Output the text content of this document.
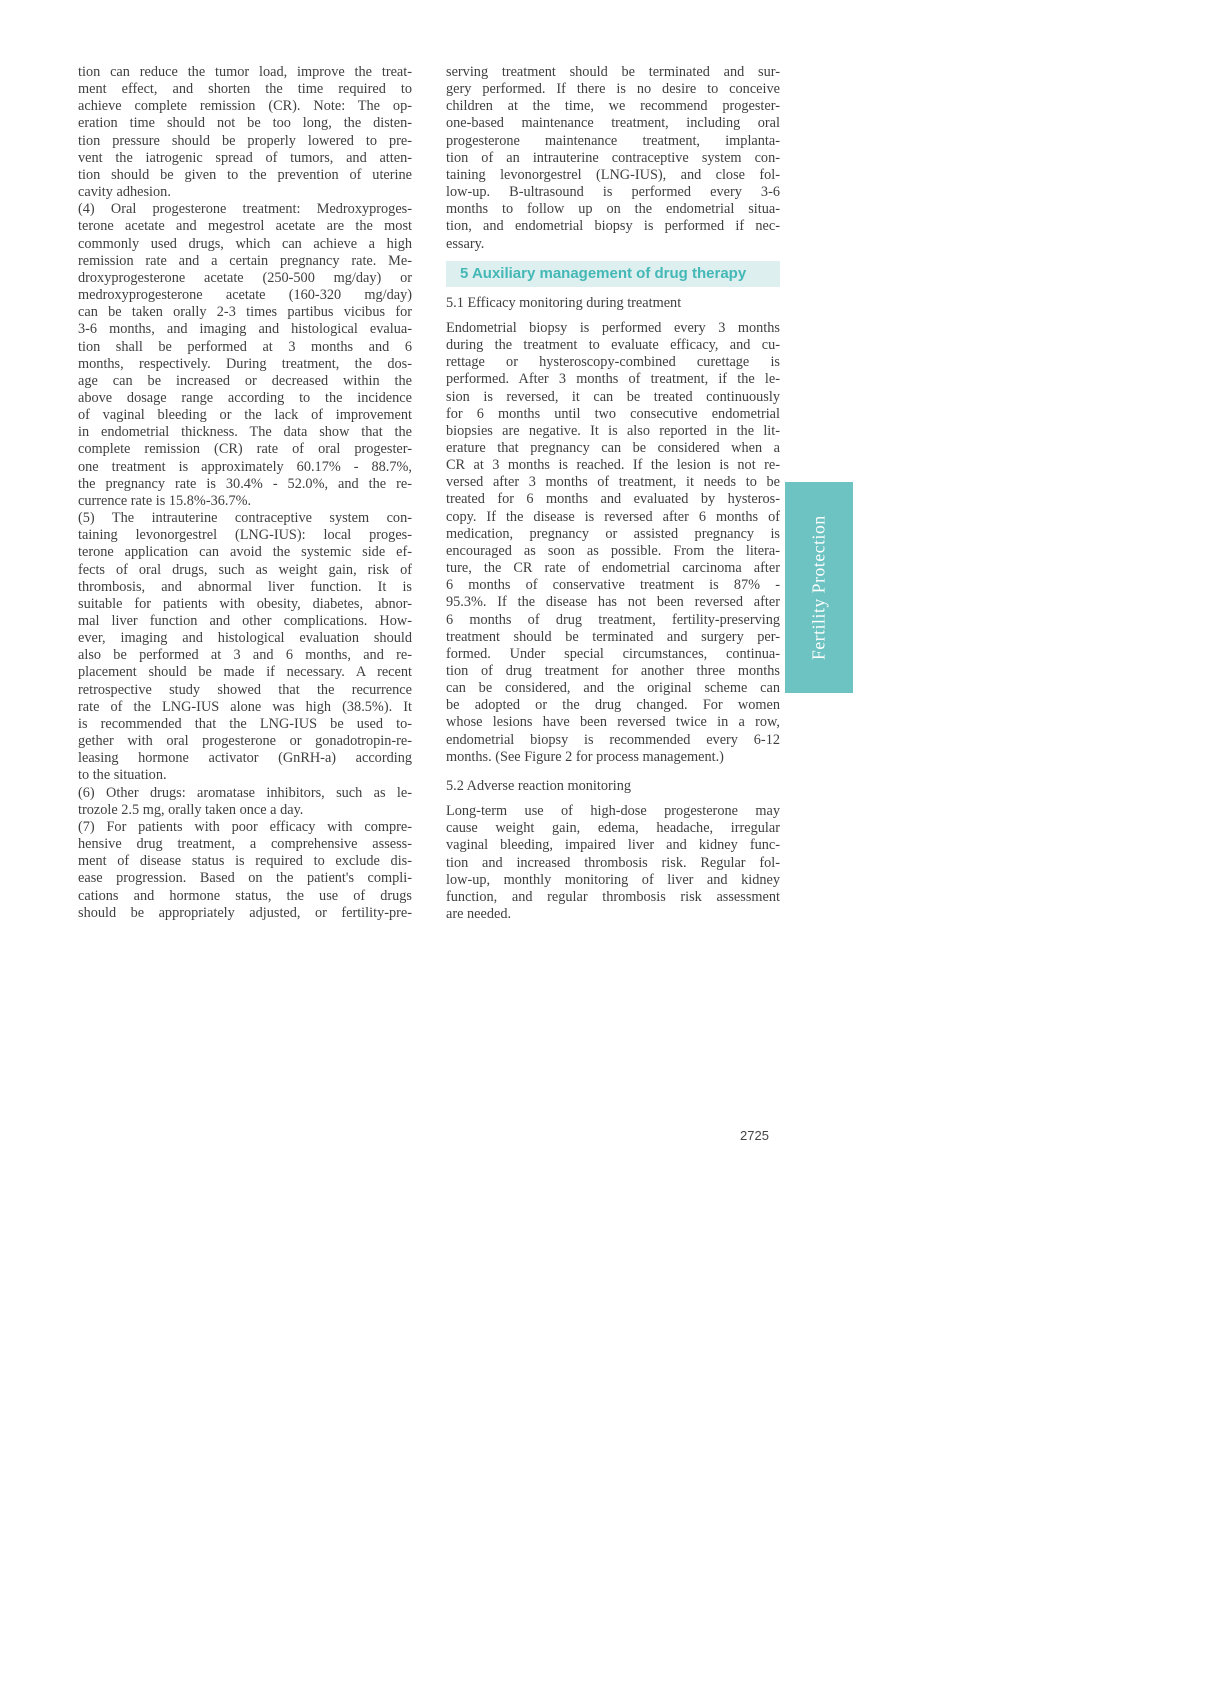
tion can reduce the tumor load, improve the treat-
ment effect, and shorten the time required to
achieve complete remission (CR). Note: The op-
eration time should not be too long, the disten-
tion pressure should be properly lowered to pre-
vent the iatrogenic spread of tumors, and atten-
tion should be given to the prevention of uterine
cavity adhesion.
(4) Oral progesterone treatment: Medroxyproges-
terone acetate and megestrol acetate are the most
commonly used drugs, which can achieve a high
remission rate and a certain pregnancy rate. Me-
droxyprogesterone acetate (250-500 mg/day) or
medroxyprogesterone acetate (160-320 mg/day)
can be taken orally 2-3 times partibus vicibus for
3-6 months, and imaging and histological evalua-
tion shall be performed at 3 months and 6
months, respectively. During treatment, the dos-
age can be increased or decreased within the
above dosage range according to the incidence
of vaginal bleeding or the lack of improvement
in endometrial thickness. The data show that the
complete remission (CR) rate of oral progester-
one treatment is approximately 60.17% - 88.7%,
the pregnancy rate is 30.4% - 52.0%, and the re-
currence rate is 15.8%-36.7%.
(5) The intrauterine contraceptive system con-
taining levonorgestrel (LNG-IUS): local proges-
terone application can avoid the systemic side ef-
fects of oral drugs, such as weight gain, risk of
thrombosis, and abnormal liver function. It is
suitable for patients with obesity, diabetes, abnor-
mal liver function and other complications. How-
ever, imaging and histological evaluation should
also be performed at 3 and 6 months, and re-
placement should be made if necessary. A recent
retrospective study showed that the recurrence
rate of the LNG-IUS alone was high (38.5%). It
is recommended that the LNG-IUS be used to-
gether with oral progesterone or gonadotropin-re-
leasing hormone activator (GnRH-a) according
to the situation.
(6) Other drugs: aromatase inhibitors, such as le-
trozole 2.5 mg, orally taken once a day.
(7) For patients with poor efficacy with compre-
hensive drug treatment, a comprehensive assess-
ment of disease status is required to exclude dis-
ease progression. Based on the patient's compli-
cations and hormone status, the use of drugs
should be appropriately adjusted, or fertility-pre-
serving treatment should be terminated and sur-
gery performed. If there is no desire to conceive
children at the time, we recommend progester-
one-based maintenance treatment, including oral
progesterone maintenance treatment, implanta-
tion of an intrauterine contraceptive system con-
taining levonorgestrel (LNG-IUS), and close fol-
low-up. B-ultrasound is performed every 3-6
months to follow up on the endometrial situa-
tion, and endometrial biopsy is performed if nec-
essary.
5 Auxiliary management of drug therapy
5.1 Efficacy monitoring during treatment
Endometrial biopsy is performed every 3 months
during the treatment to evaluate efficacy, and cu-
rettage or hysteroscopy-combined curettage is
performed. After 3 months of treatment, if the le-
sion is reversed, it can be treated continuously
for 6 months until two consecutive endometrial
biopsies are negative. It is also reported in the lit-
erature that pregnancy can be considered when a
CR at 3 months is reached. If the lesion is not re-
versed after 3 months of treatment, it needs to be
treated for 6 months and evaluated by hysteros-
copy. If the disease is reversed after 6 months of
medication, pregnancy or assisted pregnancy is
encouraged as soon as possible. From the litera-
ture, the CR rate of endometrial carcinoma after
6 months of conservative treatment is 87% -
95.3%. If the disease has not been reversed after
6 months of drug treatment, fertility-preserving
treatment should be terminated and surgery per-
formed. Under special circumstances, continua-
tion of drug treatment for another three months
can be considered, and the original scheme can
be adopted or the drug changed. For women
whose lesions have been reversed twice in a row,
endometrial biopsy is recommended every 6-12
months. (See Figure 2 for process management.)
5.2 Adverse reaction monitoring
Long-term use of high-dose progesterone may
cause weight gain, edema, headache, irregular
vaginal bleeding, impaired liver and kidney func-
tion and increased thrombosis risk. Regular fol-
low-up, monthly monitoring of liver and kidney
function, and regular thrombosis risk assessment
are needed.
Fertility Protection
2725
